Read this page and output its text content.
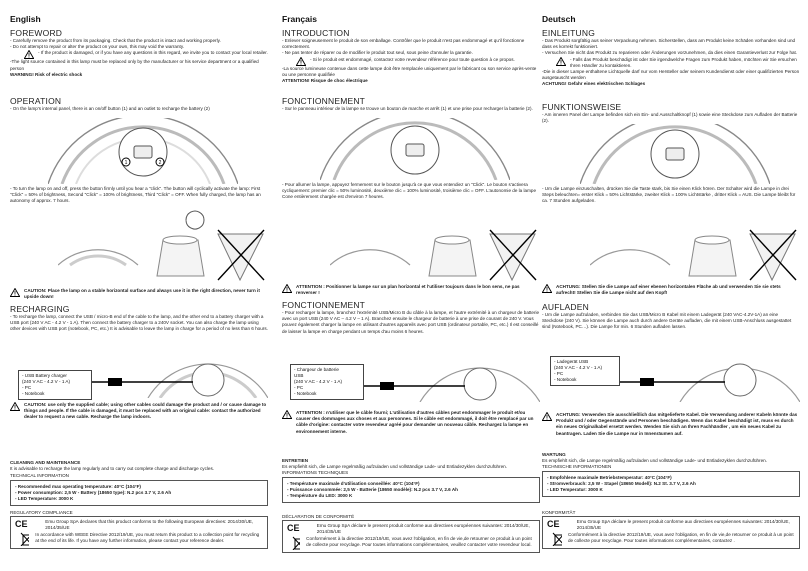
English
FOREWORD
- Carefully remove the product from its packaging. Check that the product is intact and working properly.
- Do not attempt to repair or alter the product on your own, this may void the warranty.
- If the product is damaged, or if you have any questions in this regard, we invite you to contact your local retailer.
-The light source contained in this lamp must be replaced only by the manufacturer or his service department or a qualified person
WARNING! Risk of electric shock
OPERATION
- On the lamp's internal panel, there is an on/off button (1) and an outlet to recharge the battery (2)
1	2
- To turn the lamp on and off, press the button firmly until you hear a "click". The button will cyclically activate the lamp: First "Click" = 50% of brightness, Second "Click" = 100% of brightness, Third "Click" = OFF. When fully charged, the lamp has an autonomy of approx. 7 hours.
CAUTION: Place the lamp on a stable horizontal surface and always use it in the right direction, never turn it upside down!
RECHARGING
- To recharge the lamp, connect the USB / micro-B end of the cable to the lamp, and the other end to a battery charger with a USB port (240 V AC - 4.2 V - 1 A). Then connect the battery charger to a 240V socket. You can also charge the lamp using other devices with USB port (notebook, PC, etc.) It is advisable to leave the lamp in charge for a period of no less than 6 hours.
- USB Battery charger
(240 V AC - 4.2 V - 1 A)
- PC
- Notebook
CAUTION: use only the supplied cable; using other cables could damage the product and / or cause damage to things and people. If the cable is damaged, it must be replaced with an original cable: contact the authorized dealer to request a new cable. Recharge the lamp indoors.
CLEANING AND MAINTENANCE
It is advisable to recharge the lamp regularly and to carry out complete charge and discharge cycles.
TECHNICAL INFORMATION
- Recommended max operating temperature: 40°C (104°F)
- Power consumption: 2,5 W - Battery (18650 type): N.2 pcs 3.7 V, 2.6 Ah
- LED Temperature: 3000 K
REGULATORY COMPLIANCE
CE	Emu Group SpA declares that this product conforms to the following European directives: 2014/30/UE, 2014/35/UE
In accordance with WEEE Directive 2012/19/UE, you must return this product to a collection point for recycling at the end of its life. If you have any further information, please contact your reference dealer.
Français
INTRODUCTION
- Enlever soigneusement le produit de son emballage. Contrôler que le produit n'est pas endommagé et qu'il fonctionne correctement.
- Ne pas tenter de réparer ou de modifier le produit tout seul, sous peine d'annuler la garantie.
- Si le produit est endommagé, contactez votre revendeur référence pour toute question à ce propos.
-La source lumineuse contenue dans cette lampe doit être remplacée uniquement par le fabricant ou son service après-vente ou une personne qualifiée
ATTENTION! Risque de choc électrique
FONCTIONNEMENT
- Sur le panneau intérieur de la lampe se trouve un bouton de marche et arrêt (1) et une prise pour recharger la batterie (2).
- Pour allumer la lampe, appuyez fermement sur le bouton jusqu'à ce que vous entendiez un "Click". Le bouton s'activera cycliquement: premier clic = 50% luminosité, deuxième clic = 100% luminosité, troisième clic = OFF. L'autonomie de la lampe Cone entièrement chargée est d'environ 7 heures.
ATTENTION : Positionner la lampe sur un plan horizontal et l'utiliser toujours dans le bon sens, ne pas renverser !
FONCTIONNEMENT
- Pour recharger la lampe, branchez l'extrémité USB/Micro B du câble à la lampe, et l'autre extrémité à un chargeur de batterie avec un port USB (240 V AC – 4.2 V – 1 A). Branchez ensuite le chargeur de batterie à une prise de courant de 240 V. Vous pouvez également charger la lampe en utilisant d'autres appareils avec port USB (ordinateur portable, PC, etc.) Il est conseillé de laisser la lampe en charge pendant un temps d'au moins 6 heures.
- Chargeur de batterie
USB
(240 V AC - 4.2 V - 1 A)
- PC
- Notebook
ATTENTION : n'utiliser que le câble fourni; L'utilisation d'autres câbles peut endommager le produit et/ou causer des dommages aux choses et aux personnes. Si le câble est endommagé, il doit être remplacé par un câble d'origine: contacter votre revendeur agréé pour demander un nouveau câble. Rechargez la lampe en environnement interne.
ENTRETIEN
Es empfiehlt sich, die Lampe regelmäßig aufzuladen und vollständige Lade- und Entladezyklen durchzuführen.
INFORMATIONS TECHNIQUES
- Température maximale d'utilisation conseillée: 40°C (104°F)
- Puissance consommée: 2,5 W - Batterie (18650 modèle): N.2 pcs 3.7 V, 2.6 Ah
- Température du LED: 3000 K
DÉCLARATION DE CONFORMITÉ
CE	Emu Group SpA déclare le present produit conforme aux directives européennes suivantes: 2014/30/UE, 2014/35/UE
Conformément à la directive 2012/19/UE, vous avez l'obligation, en fin de vie,de retourner ce produit à un point de collecte pour recyclage. Pour toutes informations complémentaires, veuillez contacter votre revendeur local.
Deutsch
EINLEITUNG
- Das Produkt sorgfältig aus seiner Verpackung nehmen. Sicherstellen, dass am Produkt keine Schäden vorhanden sind und dass es korrekt funktioniert.
- Versuchen Sie nicht das Produkt zu reparieren oder Änderungen vorzunehmen, da dies einen Garantieverlust zur Folge hat.
- Falls das Produkt beschädigt ist oder Sie irgendwelche Fragen zum Produkt haben, möchten wir Sie ersuchen Ihren Händler zu kontaktieren.
-Die in dieser Lampe enthaltene Lichtquelle darf nur vom Hersteller oder seinem Kundendienst oder einer qualifizierten Person ausgetauscht werden
ACHTUNG! Gefahr eines elektrischen Schlages
FUNKTIONSWEISE
- Am inneren Panel der Lampe befinden sich ein Ein- und Ausschaltknopf (1) sowie eine Steckdose zum Aufladen der Batterie (2).
- Um die Lampe einzuschalten, drücken Sie die Taste stark, bis Sie einen Klick hören. Der Schalter wird die Lampe in drei Steps beleuchten= erster Klick = 50% Lichtstärke, zweiter Klick = 100% Lichtstärke , dritter Klick = AUS. Die Lampe bleibt für ca. 7 Stunden aufgeladen.
ACHTUNG: Stellen Sie die Lampe auf einer ebenen horizontalen Fläche ab und verwenden Sie sie stets aufrecht! Stellen Sie die Lampe nicht auf den Kopf!
AUFLADEN
- Um die Lampe aufzuladen, verbinden Sie das USB/Micro B Kabel mit einem Ladegerät (240 VAC-4.2V-1A) an eine Steckdose (240 V). Sie können die Lampe auch durch andere Geräte aufladen, die mit einem USB-Anschluss ausgestattet sind (Notebook, PC…). Die Lampe für min. 6 Stunden aufladen lassen.
- Ladegerät USB
(240 V AC - 4.2 V - 1 A)
- PC
- Notebook
ACHTUNG: Verwenden Sie ausschließlich das mitgelieferte Kabel. Die Verwendung anderer Kabeln könnte das Produkt und / oder Gegenstände und Personen beschädigen. Wenn das Kabel beschädigt ist, muss es durch ein neues Originalkabel ersetzt werden. Wenden Sie sich an Ihren Fachhändler , um ein neues Kabel zu beantragen. Laden Sie die Lampe nur in Innenräumen auf.
WARTUNG
Es empfiehlt sich, die Lampe regelmäßig aufzuladen und vollständige Lade- und Entladezyklen durchzuführen.
TECHNISCHE INFORMATIONEN
- Empfohlene maximale Betriebstemperatur: 40°C (104°F)
- Stromverbrauch: 2,5 W - Stapel (18650 Modell): N.2 St. 3.7 V, 2.6 Ah
- LED Temperatur: 3000 K
KONFORMITÄT
CE	Emu Group SpA déclare le present produit conforme aux directives européennes suivantes: 2014/30/UE, 2014/35/UE
Conformément à la directive 2012/19/UE, vous avez l'obligation, en fin de vie,de retourner ce produit à un point de collecte pour recyclage. Pour toutes informations complémentaires, contactez .
